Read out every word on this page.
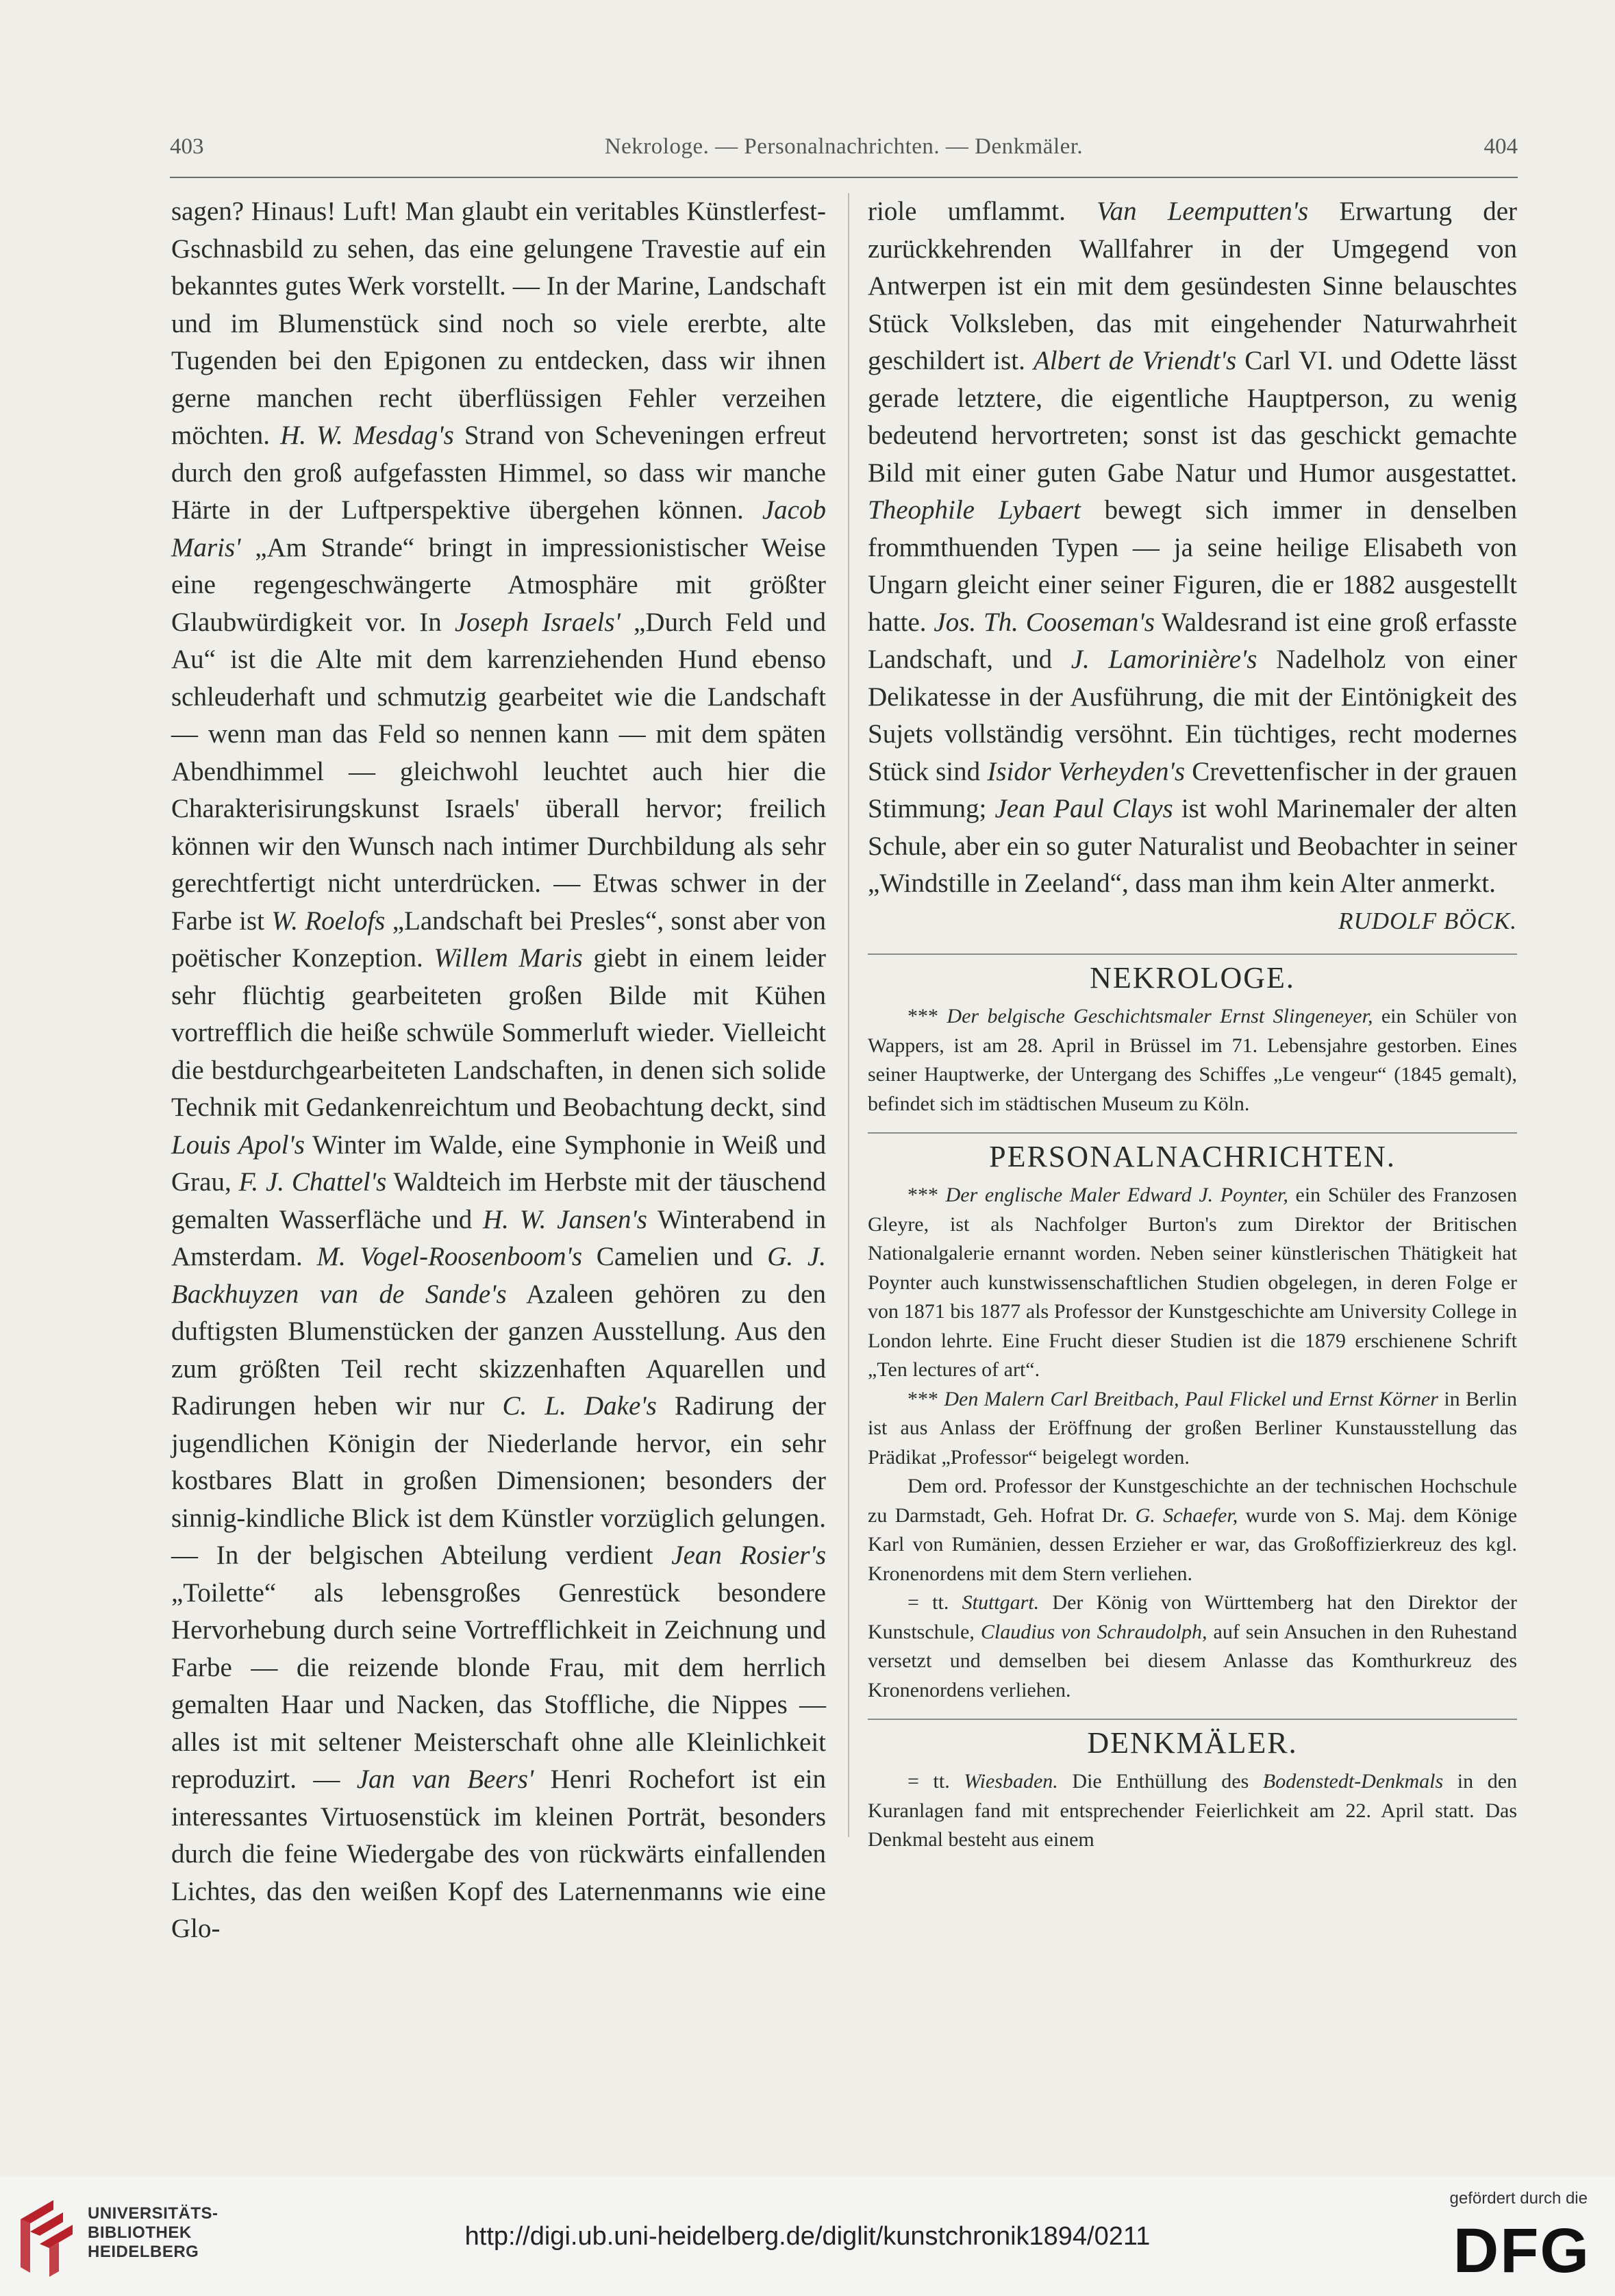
403	Nekrologe. — Personalnachrichten. — Denkmäler.	404

sagen? Hinaus! Luft! Man glaubt ein veritables Künstlerfest-Gschnasbild zu sehen, das eine gelungene Travestie auf ein bekanntes gutes Werk vorstellt. — In der Marine, Landschaft und im Blumenstück sind noch so viele ererbte, alte Tugenden bei den Epigonen zu entdecken, dass wir ihnen gerne manchen recht überflüssigen Fehler verzeihen möchten. H. W. Mesdag's Strand von Scheveningen erfreut durch den groß aufgefassten Himmel, so dass wir manche Härte in der Luftperspektive übergehen können. Jacob Maris' „Am Strande“ bringt in impressionistischer Weise eine regengeschwängerte Atmosphäre mit größter Glaubwürdigkeit vor. In Joseph Israels' „Durch Feld und Au“ ist die Alte mit dem karrenziehenden Hund ebenso schleuderhaft und schmutzig gearbeitet wie die Landschaft — wenn man das Feld so nennen kann — mit dem späten Abendhimmel — gleichwohl leuchtet auch hier die Charakterisirungskunst Israels' überall hervor; freilich können wir den Wunsch nach intimer Durchbildung als sehr gerechtfertigt nicht unterdrücken. — Etwas schwer in der Farbe ist W. Roelofs „Landschaft bei Presles“, sonst aber von poëtischer Konzeption. Willem Maris giebt in einem leider sehr flüchtig gearbeiteten großen Bilde mit Kühen vortrefflich die heiße schwüle Sommerluft wieder. Vielleicht die bestdurchgearbeiteten Landschaften, in denen sich solide Technik mit Gedankenreichtum und Beobachtung deckt, sind Louis Apol's Winter im Walde, eine Symphonie in Weiß und Grau, F. J. Chattel's Waldteich im Herbste mit der täuschend gemalten Wasserfläche und H. W. Jansen's Winterabend in Amsterdam. M. Vogel-Roosenboom's Camelien und G. J. Backhuyzen van de Sande's Azaleen gehören zu den duftigsten Blumenstücken der ganzen Ausstellung. Aus den zum größten Teil recht skizzenhaften Aquarellen und Radirungen heben wir nur C. L. Dake's Radirung der jugendlichen Königin der Niederlande hervor, ein sehr kostbares Blatt in großen Dimensionen; besonders der sinnig-kindliche Blick ist dem Künstler vorzüglich gelungen. — In der belgischen Abteilung verdient Jean Rosier's „Toilette“ als lebensgroßes Genrestück besondere Hervorhebung durch seine Vortrefflichkeit in Zeichnung und Farbe — die reizende blonde Frau, mit dem herrlich gemalten Haar und Nacken, das Stoffliche, die Nippes — alles ist mit seltener Meisterschaft ohne alle Kleinlichkeit reproduzirt. — Jan van Beers' Henri Rochefort ist ein interessantes Virtuosenstück im kleinen Porträt, besonders durch die feine Wiedergabe des von rückwärts einfallenden Lichtes, das den weißen Kopf des Laternenmanns wie eine Glo-

riole umflammt. Van Leemputten's Erwartung der zurückkehrenden Wallfahrer in der Umgegend von Antwerpen ist ein mit dem gesündesten Sinne belauschtes Stück Volksleben, das mit eingehender Naturwahrheit geschildert ist. Albert de Vriendt's Carl VI. und Odette lässt gerade letztere, die eigentliche Hauptperson, zu wenig bedeutend hervortreten; sonst ist das geschickt gemachte Bild mit einer guten Gabe Natur und Humor ausgestattet. Theophile Lybaert bewegt sich immer in denselben frommthuenden Typen — ja seine heilige Elisabeth von Ungarn gleicht einer seiner Figuren, die er 1882 ausgestellt hatte. Jos. Th. Cooseman's Waldesrand ist eine groß erfasste Landschaft, und J. Lamorinière's Nadelholz von einer Delikatesse in der Ausführung, die mit der Eintönigkeit des Sujets vollständig versöhnt. Ein tüchtiges, recht modernes Stück sind Isidor Verheyden's Crevettenfischer in der grauen Stimmung; Jean Paul Clays ist wohl Marinemaler der alten Schule, aber ein so guter Naturalist und Beobachter in seiner „Windstille in Zeeland“, dass man ihm kein Alter anmerkt.

RUDOLF BÖCK.
NEKROLOGE.

*** Der belgische Geschichtsmaler Ernst Slingeneyer, ein Schüler von Wappers, ist am 28. April in Brüssel im 71. Lebensjahre gestorben. Eines seiner Hauptwerke, der Untergang des Schiffes „Le vengeur“ (1845 gemalt), befindet sich im städtischen Museum zu Köln.

PERSONALNACHRICHTEN.

*** Der englische Maler Edward J. Poynter, ein Schüler des Franzosen Gleyre, ist als Nachfolger Burton's zum Direktor der Britischen Nationalgalerie ernannt worden. Neben seiner künstlerischen Thätigkeit hat Poynter auch kunstwissenschaftlichen Studien obgelegen, in deren Folge er von 1871 bis 1877 als Professor der Kunstgeschichte am University College in London lehrte. Eine Frucht dieser Studien ist die 1879 erschienene Schrift „Ten lectures of art“.

*** Den Malern Carl Breitbach, Paul Flickel und Ernst Körner in Berlin ist aus Anlass der Eröffnung der großen Berliner Kunstausstellung das Prädikat „Professor“ beigelegt worden.

Dem ord. Professor der Kunstgeschichte an der technischen Hochschule zu Darmstadt, Geh. Hofrat Dr. G. Schaefer, wurde von S. Maj. dem Könige Karl von Rumänien, dessen Erzieher er war, das Großoffizierkreuz des kgl. Kronenordens mit dem Stern verliehen.

= tt. Stuttgart. Der König von Württemberg hat den Direktor der Kunstschule, Claudius von Schraudolph, auf sein Ansuchen in den Ruhestand versetzt und demselben bei diesem Anlasse das Komthurkreuz des Kronenordens verliehen.

DENKMÄLER.

= tt. Wiesbaden. Die Enthüllung des Bodenstedt-Denkmals in den Kuranlagen fand mit entsprechender Feierlichkeit am 22. April statt. Das Denkmal besteht aus einem

UNIVERSITÄTS-
BIBLIOTHEK
HEIDELBERG
http://digi.ub.uni-heidelberg.de/diglit/kunstchronik1894/0211
gefördert durch die
DFG
